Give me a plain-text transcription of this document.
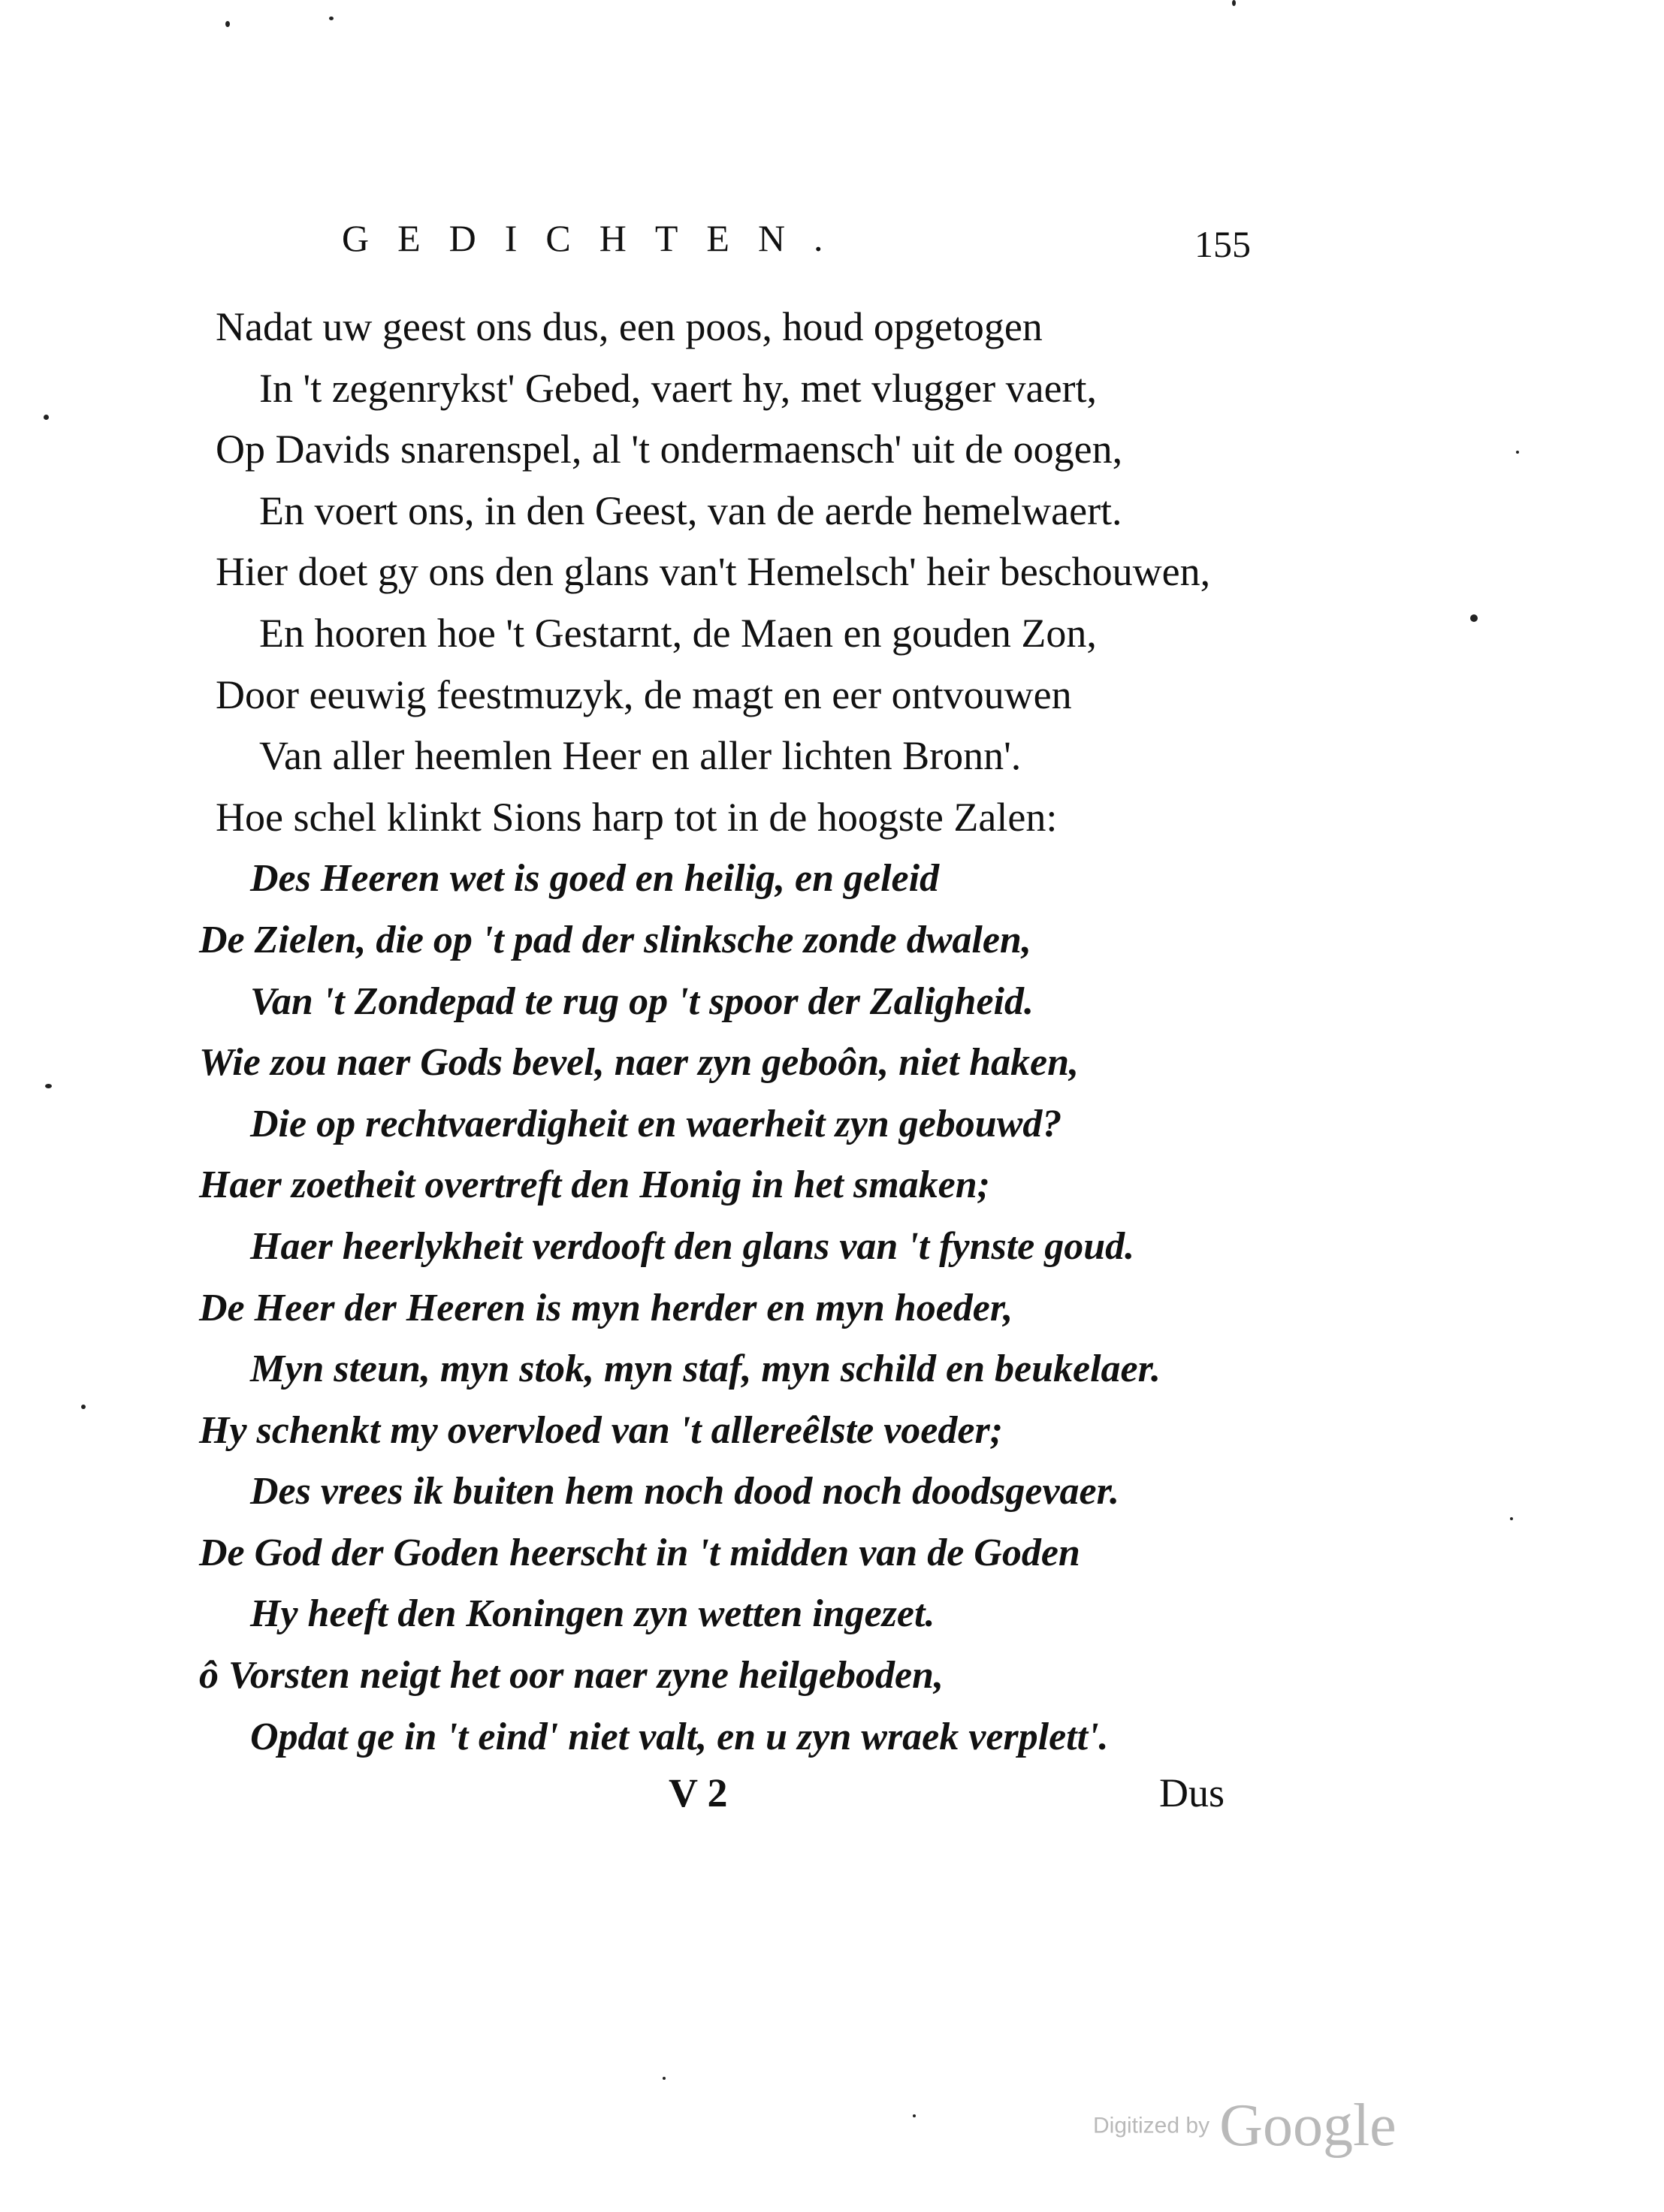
GEDICHTEN.	155
Nadat uw geest ons dus, een poos, houd opgetogen
In 't zegenrykst' Gebed, vaert hy, met vlugger vaert,
Op Davids snarenspel, al 't ondermaensch' uit de oogen,
En voert ons, in den Geest, van de aerde hemelwaert.
Hier doet gy ons den glans van't Hemelsch' heir beschouwen,
En hooren hoe 't Gestarnt, de Maen en gouden Zon,
Door eeuwig feestmuzyk, de magt en eer ontvouwen
Van aller heemlen Heer en aller lichten Bronn'.
Hoe schel klinkt Sions harp tot in de hoogste Zalen:
Des Heeren wet is goed en heilig, en geleid
De Zielen, die op 't pad der slinksche zonde dwalen,
Van 't Zondepad te rug op 't spoor der Zaligheid.
Wie zou naer Gods bevel, naer zyn geboôn, niet haken,
Die op rechtvaerdigheit en waerheit zyn gebouwd?
Haer zoetheit overtreft den Honig in het smaken;
Haer heerlykheit verdooft den glans van 't fynste goud.
De Heer der Heeren is myn herder en myn hoeder,
Myn steun, myn stok, myn staf, myn schild en beukelaer.
Hy schenkt my overvloed van 't allereêlste voeder;
Des vrees ik buiten hem noch dood noch doodsgevaer.
De God der Goden heerscht in 't midden van de Goden
Hy heeft den Koningen zyn wetten ingezet.
ô Vorsten neigt het oor naer zyne heilgeboden,
Opdat ge in 't eind' niet valt, en u zyn wraek verplett'.
V 2	Dus
Digitized by Google
